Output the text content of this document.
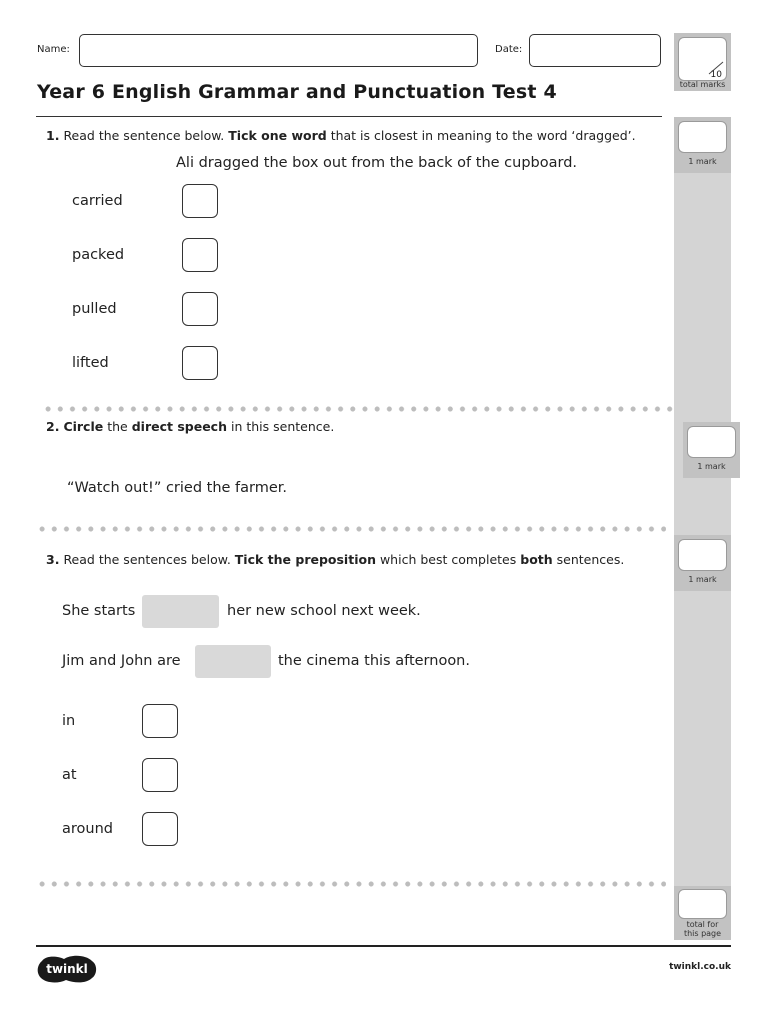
10
total marks
1 mark
1 mark
1 mark
total for
this page
Name:	Date:
Year 6 English Grammar and Punctuation Test 4
1. Read the sentence below. Tick one word that is closest in meaning to the word ‘dragged’.
Ali dragged the box out from the back of the cupboard.
carried
packed
pulled
lifted
2. Circle the direct speech in this sentence.
“Watch out!” cried the farmer.
3. Read the sentences below. Tick the preposition which best completes both sentences.
She starts	her new school next week.
Jim and John are	the cinema this afternoon.
in
at
around
twinkl	twinkl.co.uk
